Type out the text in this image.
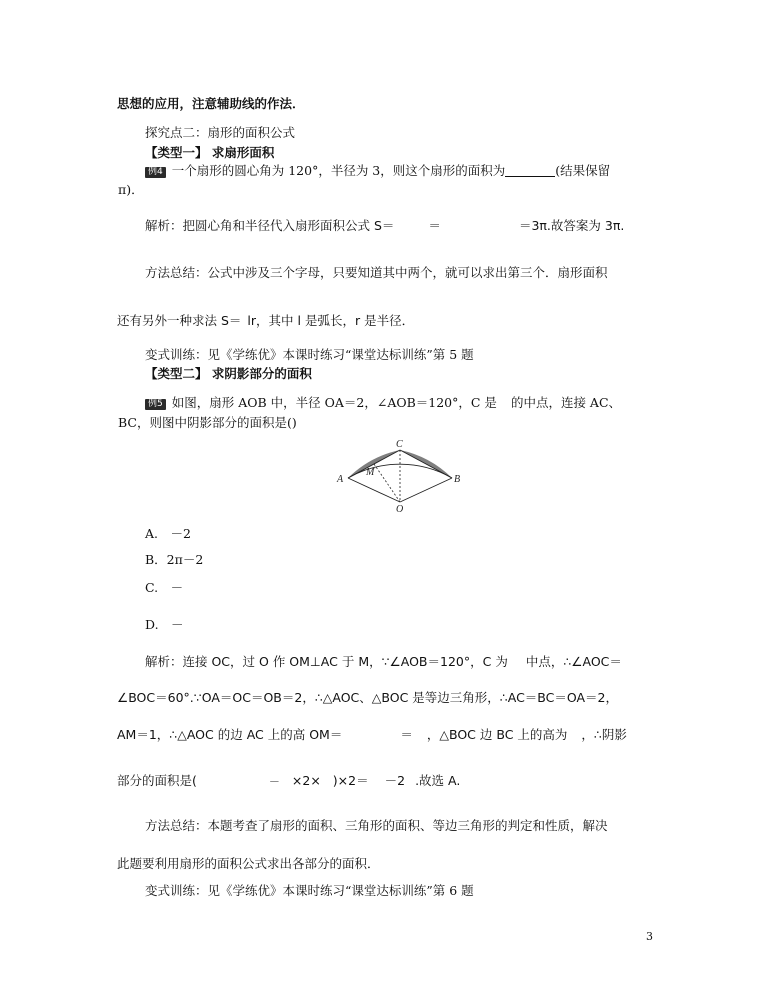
思想的应用，注意辅助线的作法．
探究点二：扇形的面积公式
【类型一】 求扇形面积
例4 一个扇形的圆心角为 120°，半径为 3，则这个扇形的面积为	(结果保留
π)．
解析：把圆心角和半径代入扇形面积公式 S＝	＝	＝3π.故答案为 3π.
方法总结：公式中涉及三个字母，只要知道其中两个，就可以求出第三个．扇形面积
还有另外一种求法 S＝ lr，其中 l 是弧长，r 是半径．
变式训练：见《学练优》本课时练习“课堂达标训练”第 5 题
【类型二】 求阴影部分的面积
例5 如图，扇形 AOB 中，半径 OA＝2，∠AOB＝120°，C 是 的中点，连接 AC、
BC，则图中阴影部分的面积是()
A	B
C
O
M
A.　－2
B．2π－2
C.　－
D.　－
解析：连接 OC，过 O 作 OM⊥AC 于 M，∵∠AOB＝120°，C 为 中点，∴∠AOC＝
∠BOC＝60°.∵OA＝OC＝OB＝2，∴△AOC、△BOC 是等边三角形，∴AC＝BC＝OA＝2，
AM＝1，∴△AOC 的边 AC 上的高 OM＝	＝ ，△BOC 边 BC 上的高为 ，∴阴影
部分的面积是(	－ ×2× )×2＝ －2 .故选 A.
方法总结：本题考查了扇形的面积、三角形的面积、等边三角形的判定和性质，解决
此题要利用扇形的面积公式求出各部分的面积．
变式训练：见《学练优》本课时练习“课堂达标训练”第 6 题
3
